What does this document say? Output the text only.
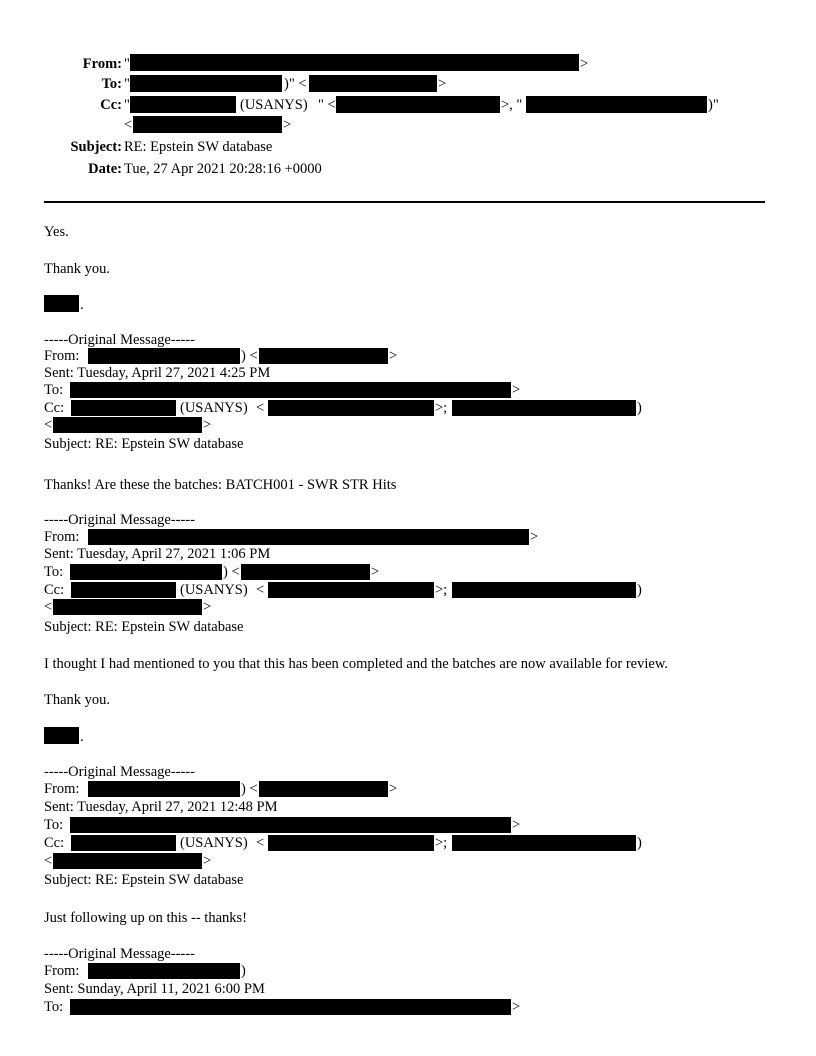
From: "	>
To: "	)" <	>
Cc: "	(USANYS) " <	>, "	)"
<	>
Subject: RE: Epstein SW database
Date: Tue, 27 Apr 2021 20:28:16 +0000
Yes.
Thank you.
.
-----Original Message-----
From:	) <	>
Sent: Tuesday, April 27, 2021 4:25 PM
To:	>
Cc:	(USANYS) <	>;	)
<	>
Subject: RE: Epstein SW database
Thanks! Are these the batches: BATCH001 - SWR STR Hits
-----Original Message-----
From:	>
Sent: Tuesday, April 27, 2021 1:06 PM
To:	) <	>
Cc:	(USANYS) <	>;	)
<	>
Subject: RE: Epstein SW database
I thought I had mentioned to you that this has been completed and the batches are now available for review.
Thank you.
.
-----Original Message-----
From:	) <	>
Sent: Tuesday, April 27, 2021 12:48 PM
To:	>
Cc:	(USANYS) <	>;	)
<	>
Subject: RE: Epstein SW database
Just following up on this -- thanks!
-----Original Message-----
From:	)
Sent: Sunday, April 11, 2021 6:00 PM
To:	>
